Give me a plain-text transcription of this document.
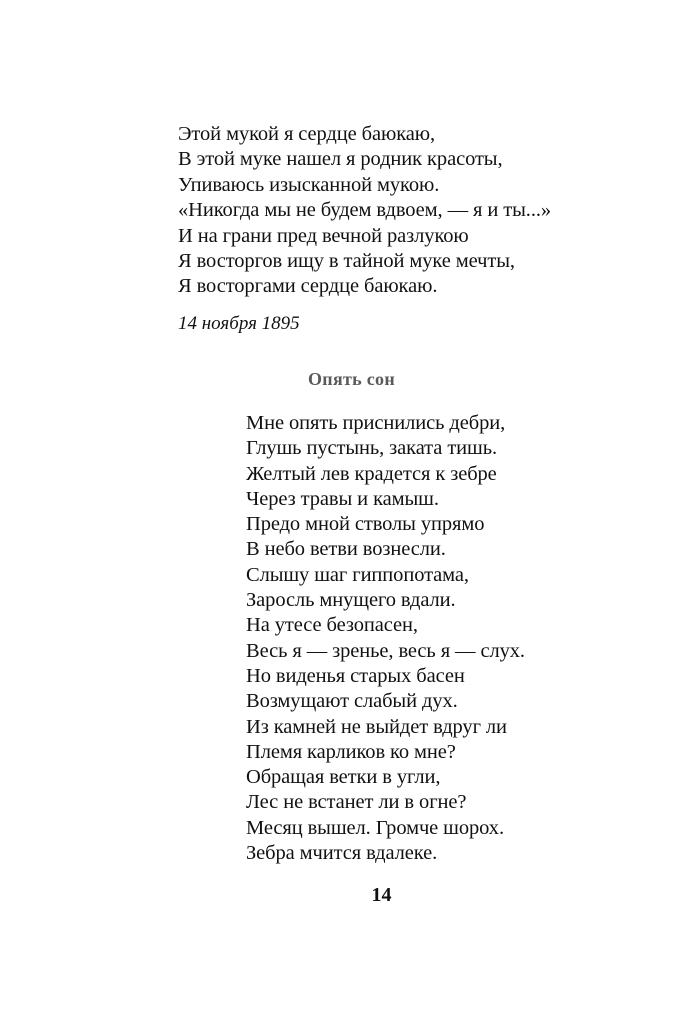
Этой мукой я сердце баюкаю,
В этой муке нашел я родник красоты,
Упиваюсь изысканной мукою.
«Никогда мы не будем вдвоем, — я и ты...»
И на грани пред вечной разлукою
Я восторгов ищу в тайной муке мечты,
Я восторгами сердце баюкаю.
14 ноября 1895
Опять сон
Мне опять приснились дебри,
Глушь пустынь, заката тишь.
Желтый лев крадется к зебре
Через травы и камыш.
Предо мной стволы упрямо
В небо ветви вознесли.
Слышу шаг гиппопотама,
Заросль мнущего вдали.
На утесе безопасен,
Весь я — зренье, весь я — слух.
Но виденья старых басен
Возмущают слабый дух.
Из камней не выйдет вдруг ли
Племя карликов ко мне?
Обращая ветки в угли,
Лес не встанет ли в огне?
Месяц вышел. Громче шорох.
Зебра мчится вдалеке.
14
